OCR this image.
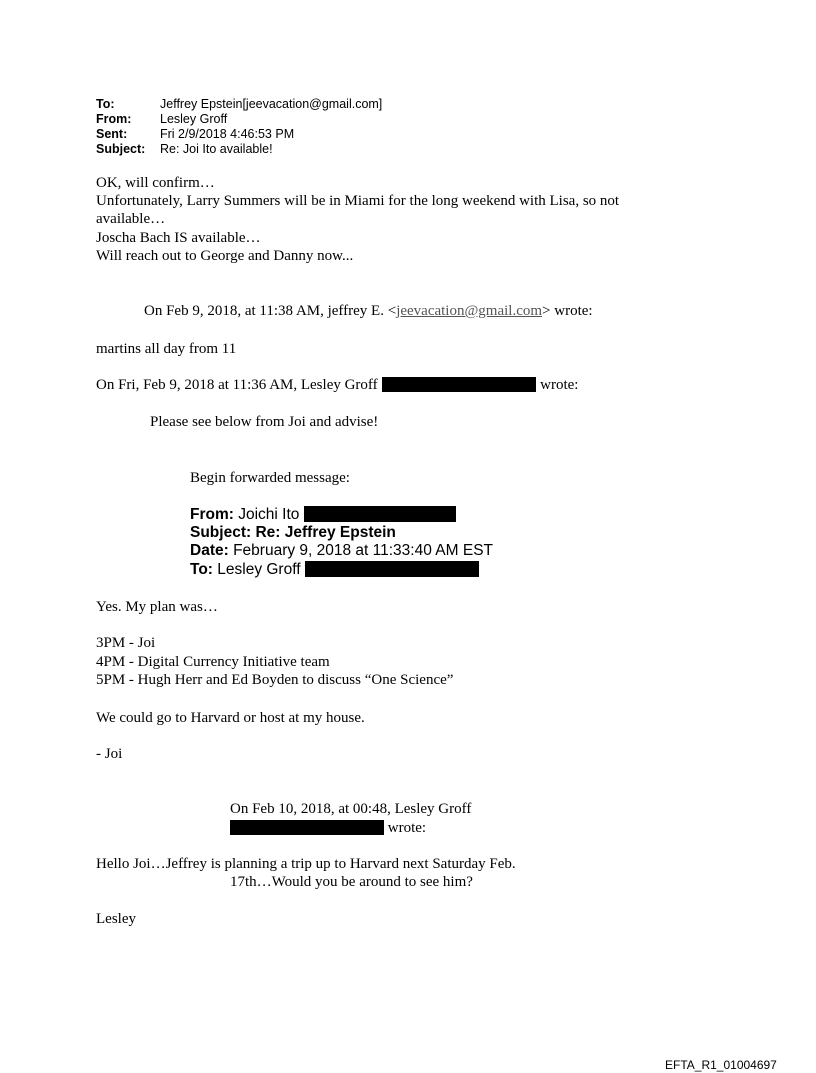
To:	Jeffrey Epstein[jeevacation@gmail.com]
From: Lesley Groff
Sent:	Fri 2/9/2018 4:46:53 PM
Subject: Re: Joi Ito available!
OK, will confirm…
Unfortunately, Larry Summers will be in Miami for the long weekend with Lisa, so not
available…
Joscha Bach IS available…
Will reach out to George and Danny now...
On Feb 9, 2018, at 11:38 AM, jeffrey E. <jeevacation@gmail.com> wrote:
martins all day from 11
On Fri, Feb 9, 2018 at 11:36 AM, Lesley Groff	wrote:
Please see below from Joi and advise!
Begin forwarded message:
From: Joichi Ito
Subject: Re: Jeffrey Epstein
Date: February 9, 2018 at 11:33:40 AM EST
To: Lesley Groff
Yes. My plan was…
3PM - Joi
4PM - Digital Currency Initiative team
5PM - Hugh Herr and Ed Boyden to discuss “One Science”
We could go to Harvard or host at my house.
- Joi
On Feb 10, 2018, at 00:48, Lesley Groff
wrote:
Hello Joi…Jeffrey is planning a trip up to Harvard next Saturday Feb.
17th…Would you be around to see him?
Lesley
EFTA_R1_01004697
